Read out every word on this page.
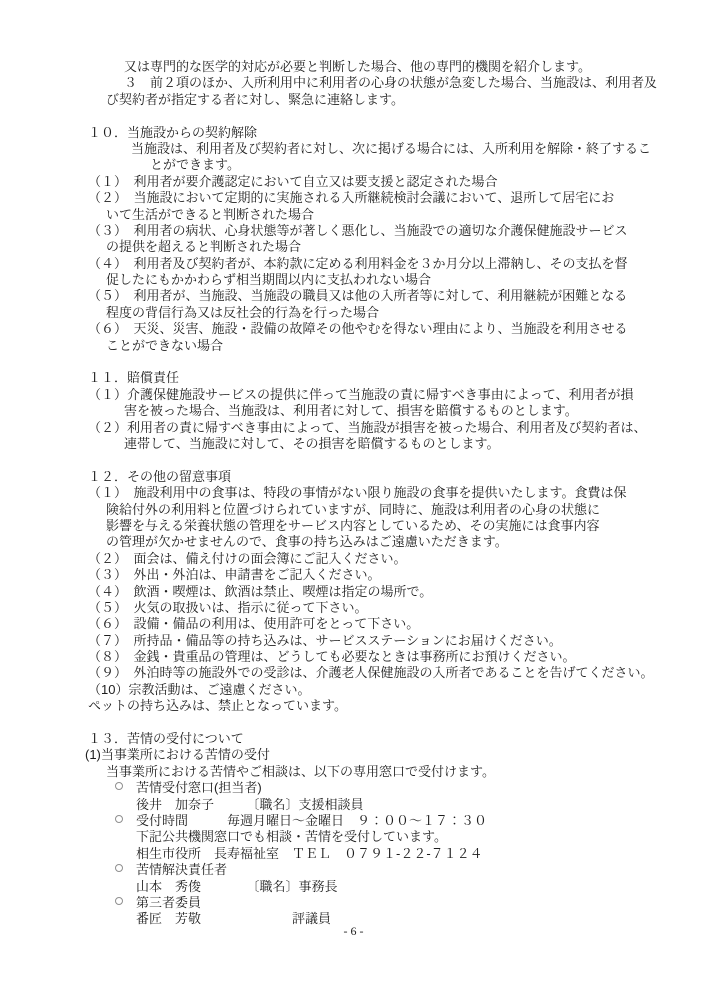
又は専門的な医学的対応が必要と判断した場合、他の専門的機関を紹介します。
３　前２項のほか、入所利用中に利用者の心身の状態が急変した場合、当施設は、利用者及
び契約者が指定する者に対し、緊急に連絡します。
１０．当施設からの契約解除
当施設は、利用者及び契約者に対し、次に掲げる場合には、入所利用を解除・終了するこ
とができます。
（１）　利用者が要介護認定において自立又は要支援と認定された場合
（２）　当施設において定期的に実施される入所継続検討会議において、退所して居宅にお
いて生活ができると判断された場合
（３）　利用者の病状、心身状態等が著しく悪化し、当施設での適切な介護保健施設サービス
の提供を超えると判断された場合
（４）　利用者及び契約者が、本約款に定める利用料金を３か月分以上滞納し、その支払を督
促したにもかかわらず相当期間以内に支払われない場合
（５）　利用者が、当施設、当施設の職員又は他の入所者等に対して、利用継続が困難となる
程度の背信行為又は反社会的行為を行った場合
（６）　天災、災害、施設・設備の故障その他やむを得ない理由により、当施設を利用させる
ことができない場合
１１．賠償責任
（１）介護保健施設サービスの提供に伴って当施設の責に帰すべき事由によって、利用者が損
害を被った場合、当施設は、利用者に対して、損害を賠償するものとします。
（２）利用者の責に帰すべき事由によって、当施設が損害を被った場合、利用者及び契約者は、
連帯して、当施設に対して、その損害を賠償するものとします。
１２．その他の留意事項
（１）　施設利用中の食事は、特段の事情がない限り施設の食事を提供いたします。食費は保
険給付外の利用料と位置づけられていますが、同時に、施設は利用者の心身の状態に
影響を与える栄養状態の管理をサービス内容としているため、その実施には食事内容
の管理が欠かせませんので、食事の持ち込みはご遠慮いただきます。
（２）　面会は、備え付けの面会簿にご記入ください。
（３）　外出・外泊は、申請書をご記入ください。
（４）　飲酒・喫煙は、飲酒は禁止、喫煙は指定の場所で。
（５）　火気の取扱いは、指示に従って下さい。
（６）　設備・備品の利用は、使用許可をとって下さい。
（７）　所持品・備品等の持ち込みは、サービスステーションにお届けください。
（８）　金銭・貴重品の管理は、どうしても必要なときは事務所にお預けください。
（９）　外泊時等の施設外での受診は、介護老人保健施設の入所者であることを告げてください。
（10）宗教活動は、ご遠慮ください。
ペットの持ち込みは、禁止となっています。
１３．苦情の受付について
(1)当事業所における苦情の受付
当事業所における苦情やご相談は、以下の専用窓口で受付けます。
苦情受付窓口(担当者)
後井　加奈子　　　〔職名〕支援相談員
受付時間　　　毎週月曜日～金曜日　９：００～１７：３０
下記公共機関窓口でも相談・苦情を受付しています。
相生市役所　長寿福祉室　ＴＥＬ　０７９１-２２-７１２４
苦情解決責任者
山本　秀俊　　　　〔職名〕事務長
第三者委員
番匠　芳敬　　　　　　　評議員
- 6 -
